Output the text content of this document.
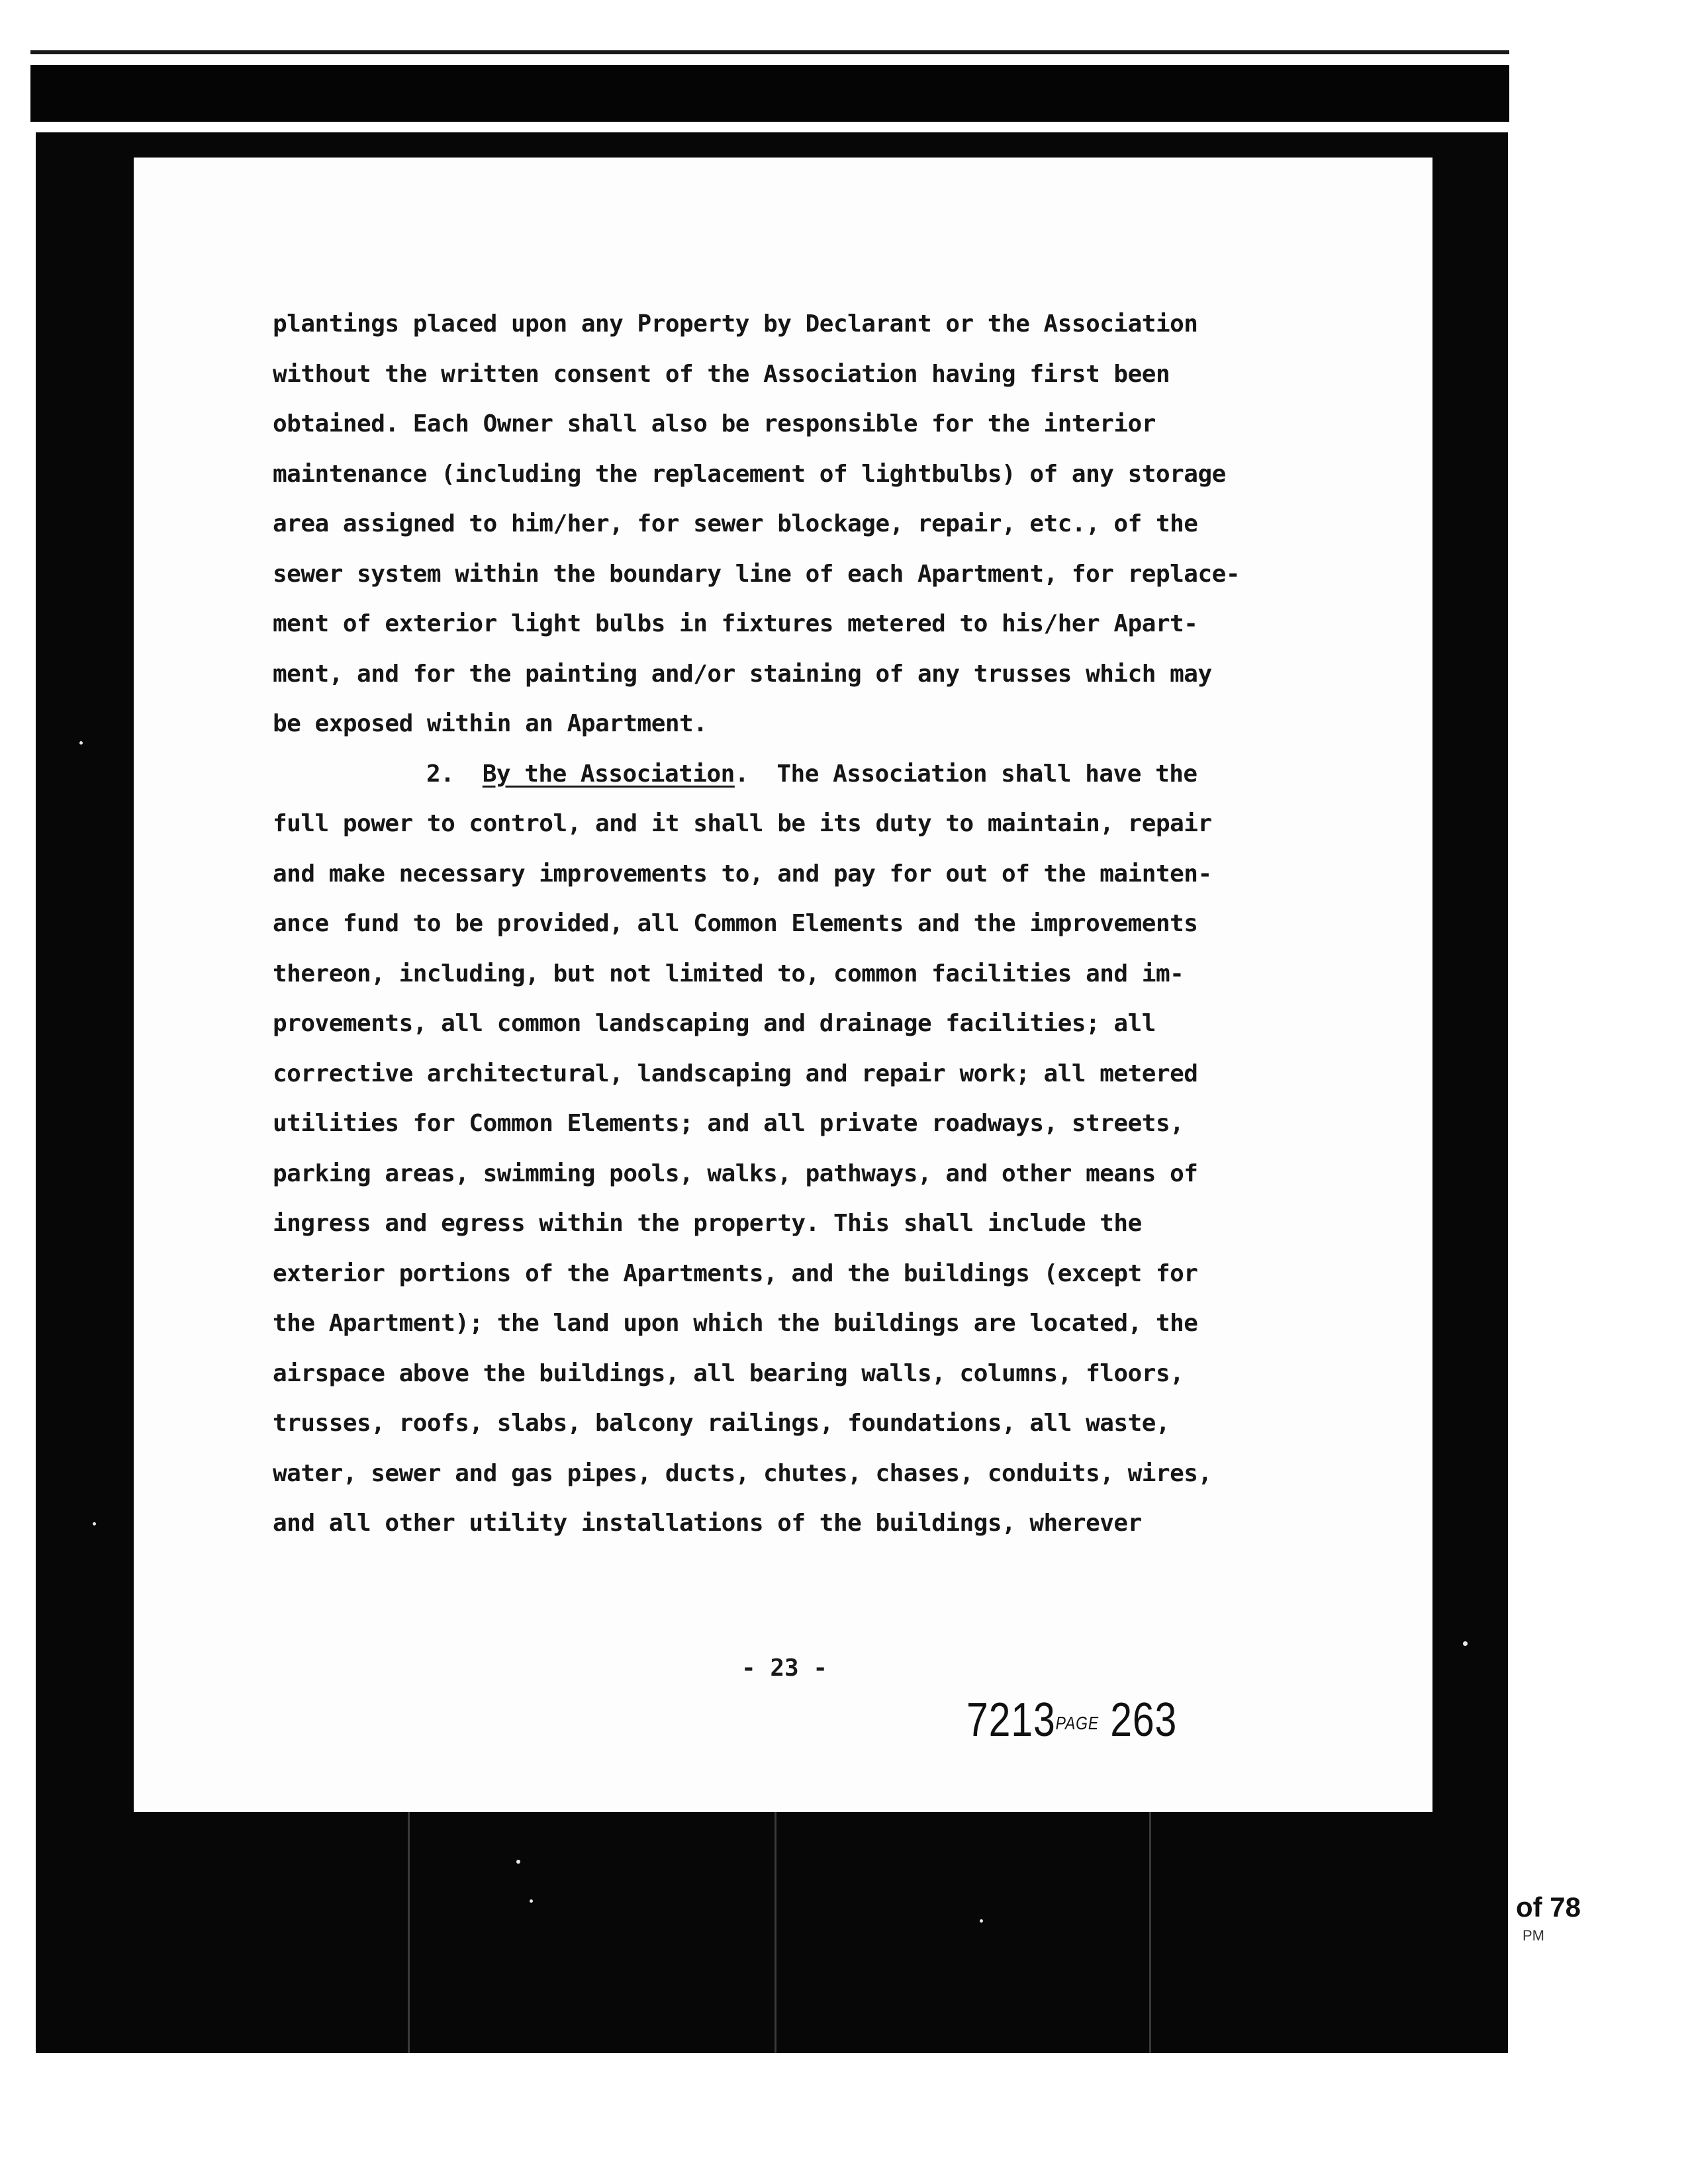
plantings placed upon any Property by Declarant or the Association
without the written consent of the Association having first been
obtained. Each Owner shall also be responsible for the interior
maintenance (including the replacement of lightbulbs) of any storage
area assigned to him/her, for sewer blockage, repair, etc., of the
sewer system within the boundary line of each Apartment, for replace-
ment of exterior light bulbs in fixtures metered to his/her Apart-
ment, and for the painting and/or staining of any trusses which may
be exposed within an Apartment.
2. By the Association.  The Association shall have the
full power to control, and it shall be its duty to maintain, repair
and make necessary improvements to, and pay for out of the mainten-
ance fund to be provided, all Common Elements and the improvements
thereon, including, but not limited to, common facilities and im-
provements, all common landscaping and drainage facilities; all
corrective architectural, landscaping and repair work; all metered
utilities for Common Elements; and all private roadways, streets,
parking areas, swimming pools, walks, pathways, and other means of
ingress and egress within the property. This shall include the
exterior portions of the Apartments, and the buildings (except for
the Apartment); the land upon which the buildings are located, the
airspace above the buildings, all bearing walls, columns, floors,
trusses, roofs, slabs, balcony railings, foundations, all waste,
water, sewer and gas pipes, ducts, chutes, chases, conduits, wires,
and all other utility installations of the buildings, wherever
- 23 -
7213PAGE 263
of 78
PM
